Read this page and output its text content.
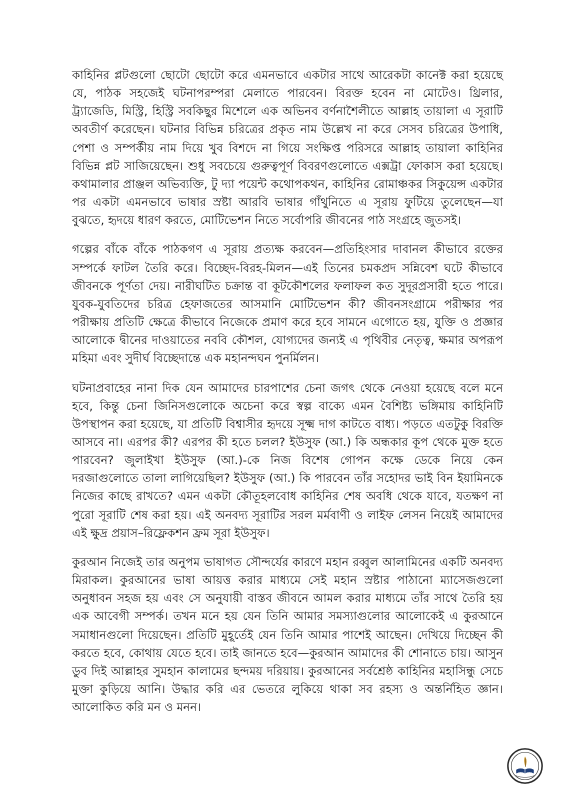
কাহিনির প্লটগুলো ছোটো ছোটো করে এমনভাবে একটার সাথে আরেকটা কানেক্ট করা হয়েছে যে, পাঠক সহজেই ঘটনাপরম্পরা মেলাতে পারবেন। বিরক্ত হবেন না মোটেও। থ্রিলার, ট্র্যাজেডি, মিস্ট্রি, হিস্ট্রি সবকিছুর মিশেলে এক অভিনব বর্ণনাশৈলীতে আল্লাহ তায়ালা এ সূরাটি অবতীর্ণ করেছেন। ঘটনার বিভিন্ন চরিত্রের প্রকৃত নাম উল্লেখ না করে সেসব চরিত্রের উপাধি, পেশা ও সম্পর্কীয় নাম দিয়ে খুব বিশদে না গিয়ে সংক্ষিপ্ত পরিসরে আল্লাহ তায়ালা কাহিনির বিভিন্ন প্লট সাজিয়েছেন। শুধু সবচেয়ে গুরুত্বপূর্ণ বিবরণগুলোতে এক্সট্রা ফোকাস করা হয়েছে। কথামালার প্রাঞ্জল অভিব্যক্তি, টু দ্যা পয়েন্ট কথোপকথন, কাহিনির রোমাঞ্চকর সিকুয়েন্স একটার পর একটা এমনভাবে ভাষার স্রষ্টা আরবি ভাষার গাঁথুনিতে এ সূরায় ফুটিয়ে তুলেছেন—যা বুঝতে, হৃদয়ে ধারণ করতে, মোটিভেশন নিতে সর্বোপরি জীবনের পাঠ সংগ্রহে জুতসই।

গল্পের বাঁকে বাঁকে পাঠকগণ এ সূরায় প্রত্যক্ষ করবেন—প্রতিহিংসার দাবানল কীভাবে রক্তের সম্পর্কে ফাটল তৈরি করে। বিচ্ছেদ-বিরহ-মিলন—এই তিনের চমকপ্রদ সন্নিবেশ ঘটে কীভাবে জীবনকে পূর্ণতা দেয়। নারীঘটিত চক্রান্ত বা কূটকৌশলের ফলাফল কত সুদূরপ্রসারী হতে পারে। যুবক-যুবতিদের চরিত্র হেফাজতের আসমানি মোটিভেশন কী? জীবনসংগ্রামে পরীক্ষার পর পরীক্ষায় প্রতিটি ক্ষেত্রে কীভাবে নিজেকে প্রমাণ করে হবে সামনে এগোতে হয়, যুক্তি ও প্রজ্ঞার আলোকে দ্বীনের দাওয়াতের নববি কৌশল, যোগ্যদের জন্যই এ পৃথিবীর নেতৃত্ব, ক্ষমার অপরূপ মহিমা এবং সুদীর্ঘ বিচ্ছেদান্তে এক মহানন্দঘন পুনর্মিলন।

ঘটনাপ্রবাহের নানা দিক যেন আমাদের চারপাশের চেনা জগৎ থেকে নেওয়া হয়েছে বলে মনে হবে, কিন্তু চেনা জিনিসগুলোকে অচেনা করে স্বল্প বাক্যে এমন বৈশিষ্ট্য ভঙ্গিমায় কাহিনিটি উপস্থাপন করা হয়েছে, যা প্রতিটি বিশ্বাসীর হৃদয়ে সূক্ষ্ম দাগ কাটতে বাধ্য। পড়তে এতটুকু বিরক্তি আসবে না। এরপর কী? এরপর কী হতে চলল? ইউসুফ (আ.) কি অন্ধকার কূপ থেকে মুক্ত হতে পারবেন? জুলাইখা ইউসুফ (আ.)-কে নিজ বিশেষ গোপন কক্ষে ডেকে নিয়ে কেন দরজাগুলোতে তালা লাগিয়েছিল? ইউসুফ (আ.) কি পারবেন তাঁর সহোদর ভাই বিন ইয়ামিনকে নিজের কাছে রাখতে? এমন একটা কৌতূহলবোধ কাহিনির শেষ অবধি থেকে যাবে, যতক্ষণ না পুরো সূরাটি শেষ করা হয়। এই অনবদ্য সূরাটির সরল মর্মবাণী ও লাইফ লেসন নিয়েই আমাদের এই ক্ষুদ্র প্রয়াস–রিফ্লেকশন ফ্রম সূরা ইউসুফ।

কুরআন নিজেই তার অনুপম ভাষাগত সৌন্দর্যের কারণে মহান রব্বুল আলামিনের একটি অনবদ্য মিরাকল। কুরআনের ভাষা আয়ত্ত করার মাধ্যমে সেই মহান স্রষ্টার পাঠানো ম্যাসেজগুলো অনুধাবন সহজ হয় এবং সে অনুযায়ী বাস্তব জীবনে আমল করার মাধ্যমে তাঁর সাথে তৈরি হয় এক আবেগী সম্পর্ক। তখন মনে হয় যেন তিনি আমার সমস্যাগুলোর আলোকেই এ কুরআনে সমাধানগুলো দিয়েছেন। প্রতিটি মুহূর্তেই যেন তিনি আমার পাশেই আছেন। দেখিয়ে দিচ্ছেন কী করতে হবে, কোথায় যেতে হবে। তাই জানতে হবে—কুরআন আমাদের কী শোনাতে চায়। আসুন ডুব দিই আল্লাহর সুমহান কালামের ছন্দময় দরিয়ায়। কুরআনের সর্বশ্রেষ্ঠ কাহিনির মহাসিন্ধু সেচে মুক্তা কুড়িয়ে আনি। উদ্ধার করি এর ভেতরে লুকিয়ে থাকা সব রহস্য ও অন্তর্নিহিত জ্ঞান। আলোকিত করি মন ও মনন।
